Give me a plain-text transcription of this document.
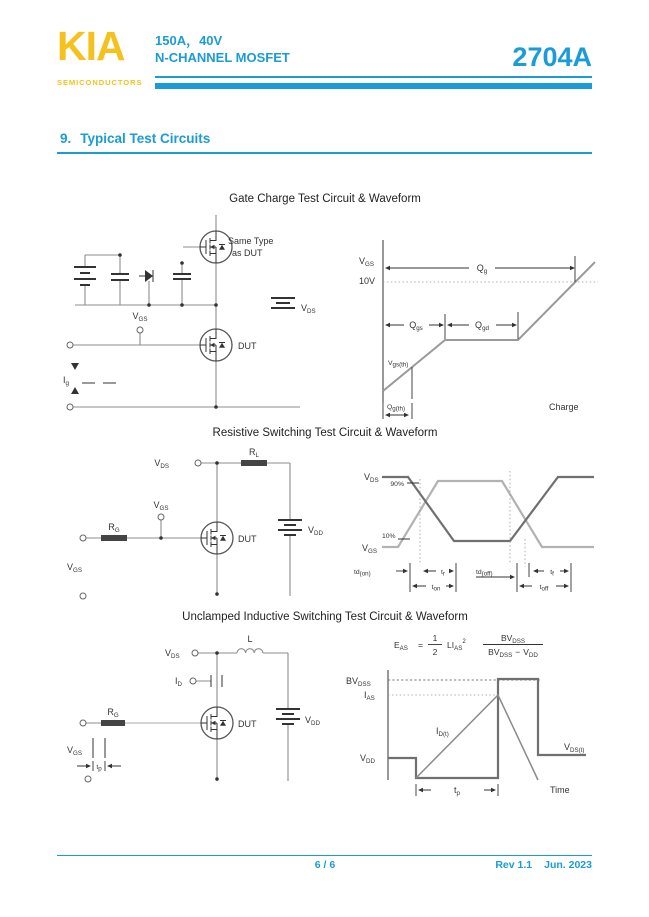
KIA
SEMICONDUCTORS
150A，40V
N-CHANNEL MOSFET	2704A
9. Typical Test Circuits
Gate Charge Test Circuit & Waveform
Same Type
as DUT
DUT
$V_{GS}$
$V_{DS}$
$I_g$
$Q_g$
$Q_{gs}$	$Q_{gd}$
Qg(th)
Vgs(th)
$V_{GS}$
10V
Charge
Resistive Switching Test Circuit & Waveform
$V_{DS}$
$R_L$
$V_{GS}$
$R_G$
DUT
$V_{DD}$
$V_{GS}$
90%
10%
$V_{DS}$
$V_{GS}$
td(on)	tr	td(off)	tf
ton	toff
Unclamped Inductive Switching Test Circuit & Waveform
tp
$V_{DS}$
L
$I_D$
$R_G$
DUT	$V_{DD}$
$V_{GS}$
$E_{AS}$ =
1
2
$LI_{AS}^2$	$BV_{DSS}$
$BV_{DSS} - V_{DD}$
$t_p$
$BV_{DSS}$
$I_{AS}$
$V_{DD}$
$I_{D(t)}$
$V_{DS(t)}$
Time
6 / 6	Rev 1.1 Jun. 2023
